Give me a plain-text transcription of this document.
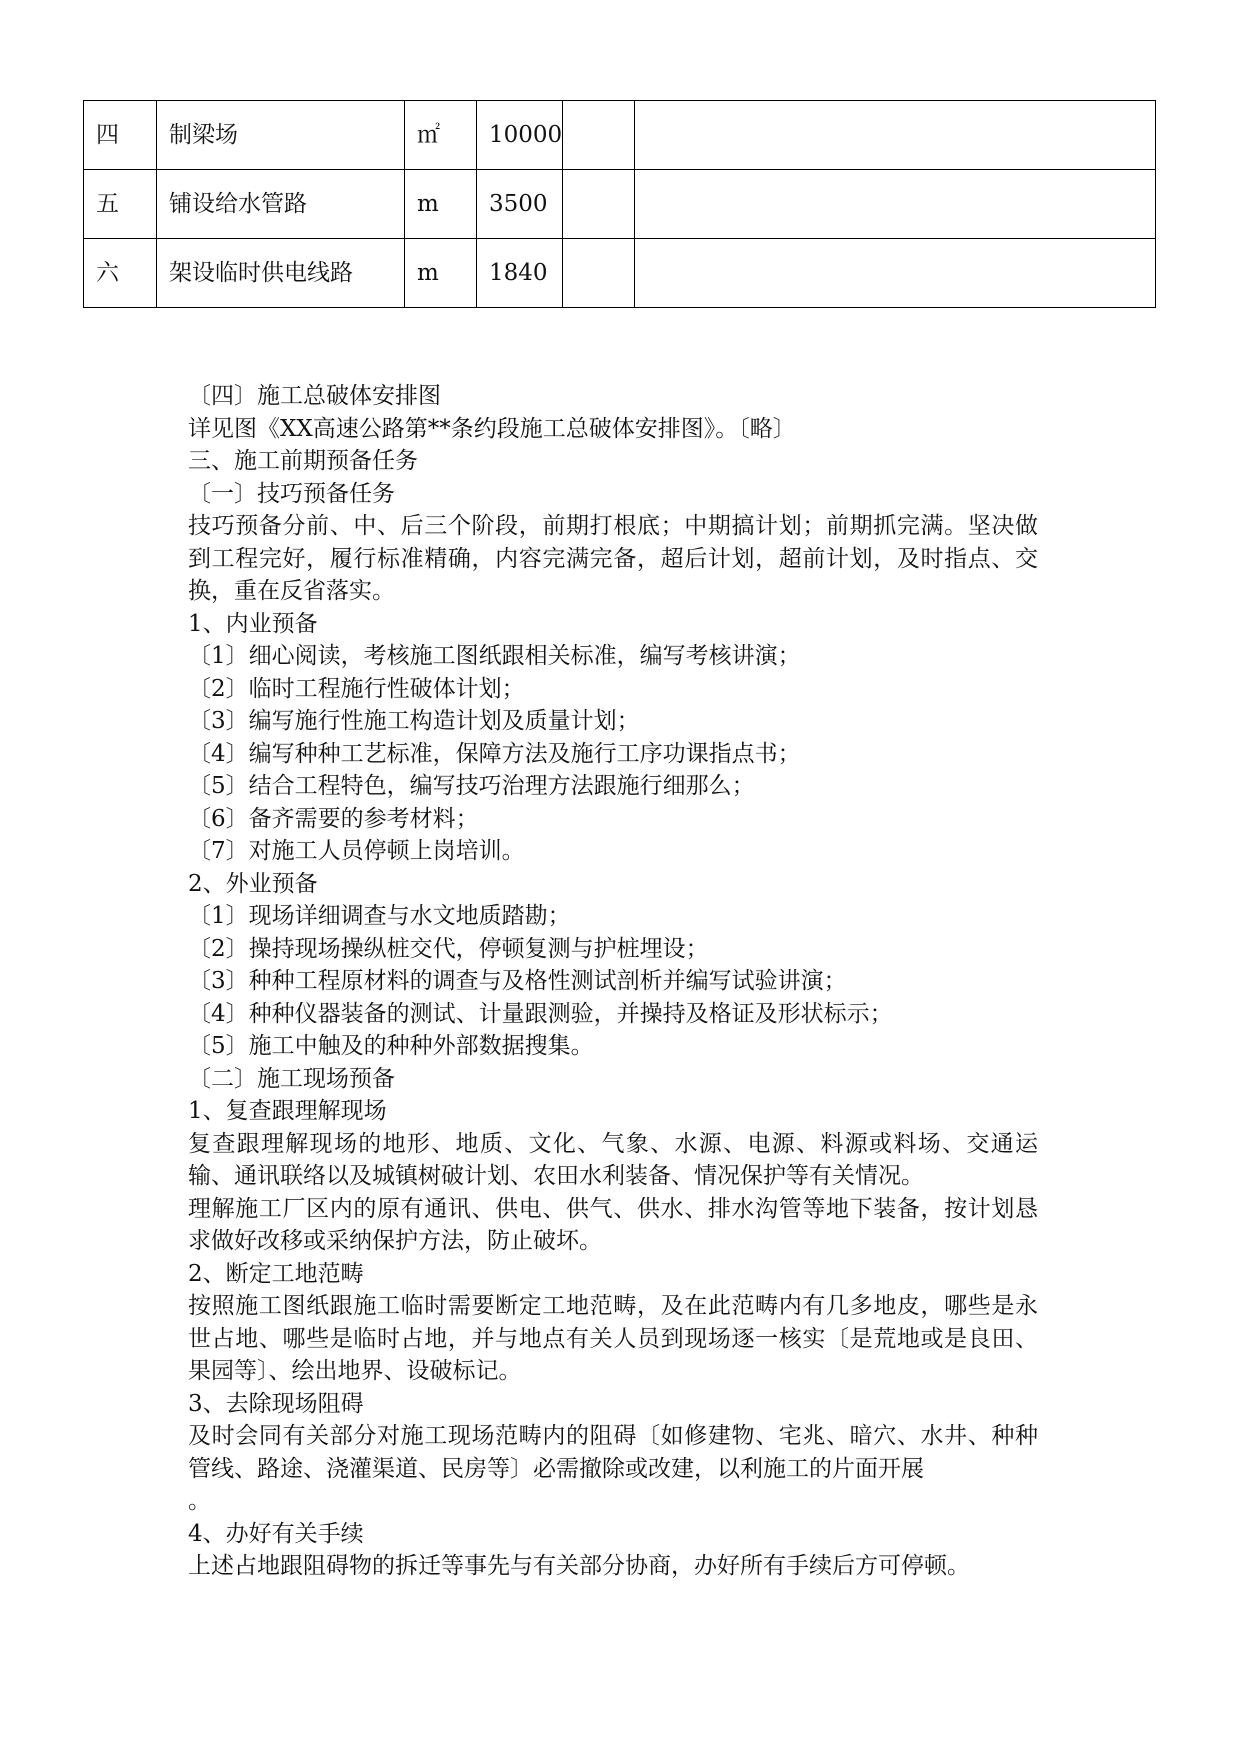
四	制梁场	㎡	10000		
五	铺设给水管路	m	3500		
六	架设临时供电线路	m	1840		

〔四〕施工总破体安排图

详见图《XX高速公路第**条约段施工总破体安排图》。〔略〕

三、施工前期预备任务

〔一〕技巧预备任务

技巧预备分前、中、后三个阶段，前期打根底；中期搞计划；前期抓完满。坚决做到工程完好，履行标准精确，内容完满完备，超后计划，超前计划，及时指点、交换，重在反省落实。

1、内业预备

〔1〕细心阅读，考核施工图纸跟相关标准，编写考核讲演；

〔2〕临时工程施行性破体计划；

〔3〕编写施行性施工构造计划及质量计划；

〔4〕编写种种工艺标准，保障方法及施行工序功课指点书；

〔5〕结合工程特色，编写技巧治理方法跟施行细那么；

〔6〕备齐需要的参考材料；

〔7〕对施工人员停顿上岗培训。

2、外业预备

〔1〕现场详细调查与水文地质踏勘；

〔2〕操持现场操纵桩交代，停顿复测与护桩埋设；

〔3〕种种工程原材料的调查与及格性测试剖析并编写试验讲演；

〔4〕种种仪器装备的测试、计量跟测验，并操持及格证及形状标示；

〔5〕施工中触及的种种外部数据搜集。

〔二〕施工现场预备

1、复查跟理解现场

复查跟理解现场的地形、地质、文化、气象、水源、电源、料源或料场、交通运输、通讯联络以及城镇树破计划、农田水利装备、情况保护等有关情况。

理解施工厂区内的原有通讯、供电、供气、供水、排水沟管等地下装备，按计划恳求做好改移或采纳保护方法，防止破坏。

2、断定工地范畴

按照施工图纸跟施工临时需要断定工地范畴，及在此范畴内有几多地皮，哪些是永世占地、哪些是临时占地，并与地点有关人员到现场逐一核实〔是荒地或是良田、果园等〕、绘出地界、设破标记。

3、去除现场阻碍

及时会同有关部分对施工现场范畴内的阻碍〔如修建物、宅兆、暗穴、水井、种种管线、路途、浇灌渠道、民房等〕必需撤除或改建，以利施工的片面开展

。

4、办好有关手续

上述占地跟阻碍物的拆迁等事先与有关部分协商，办好所有手续后方可停顿。
